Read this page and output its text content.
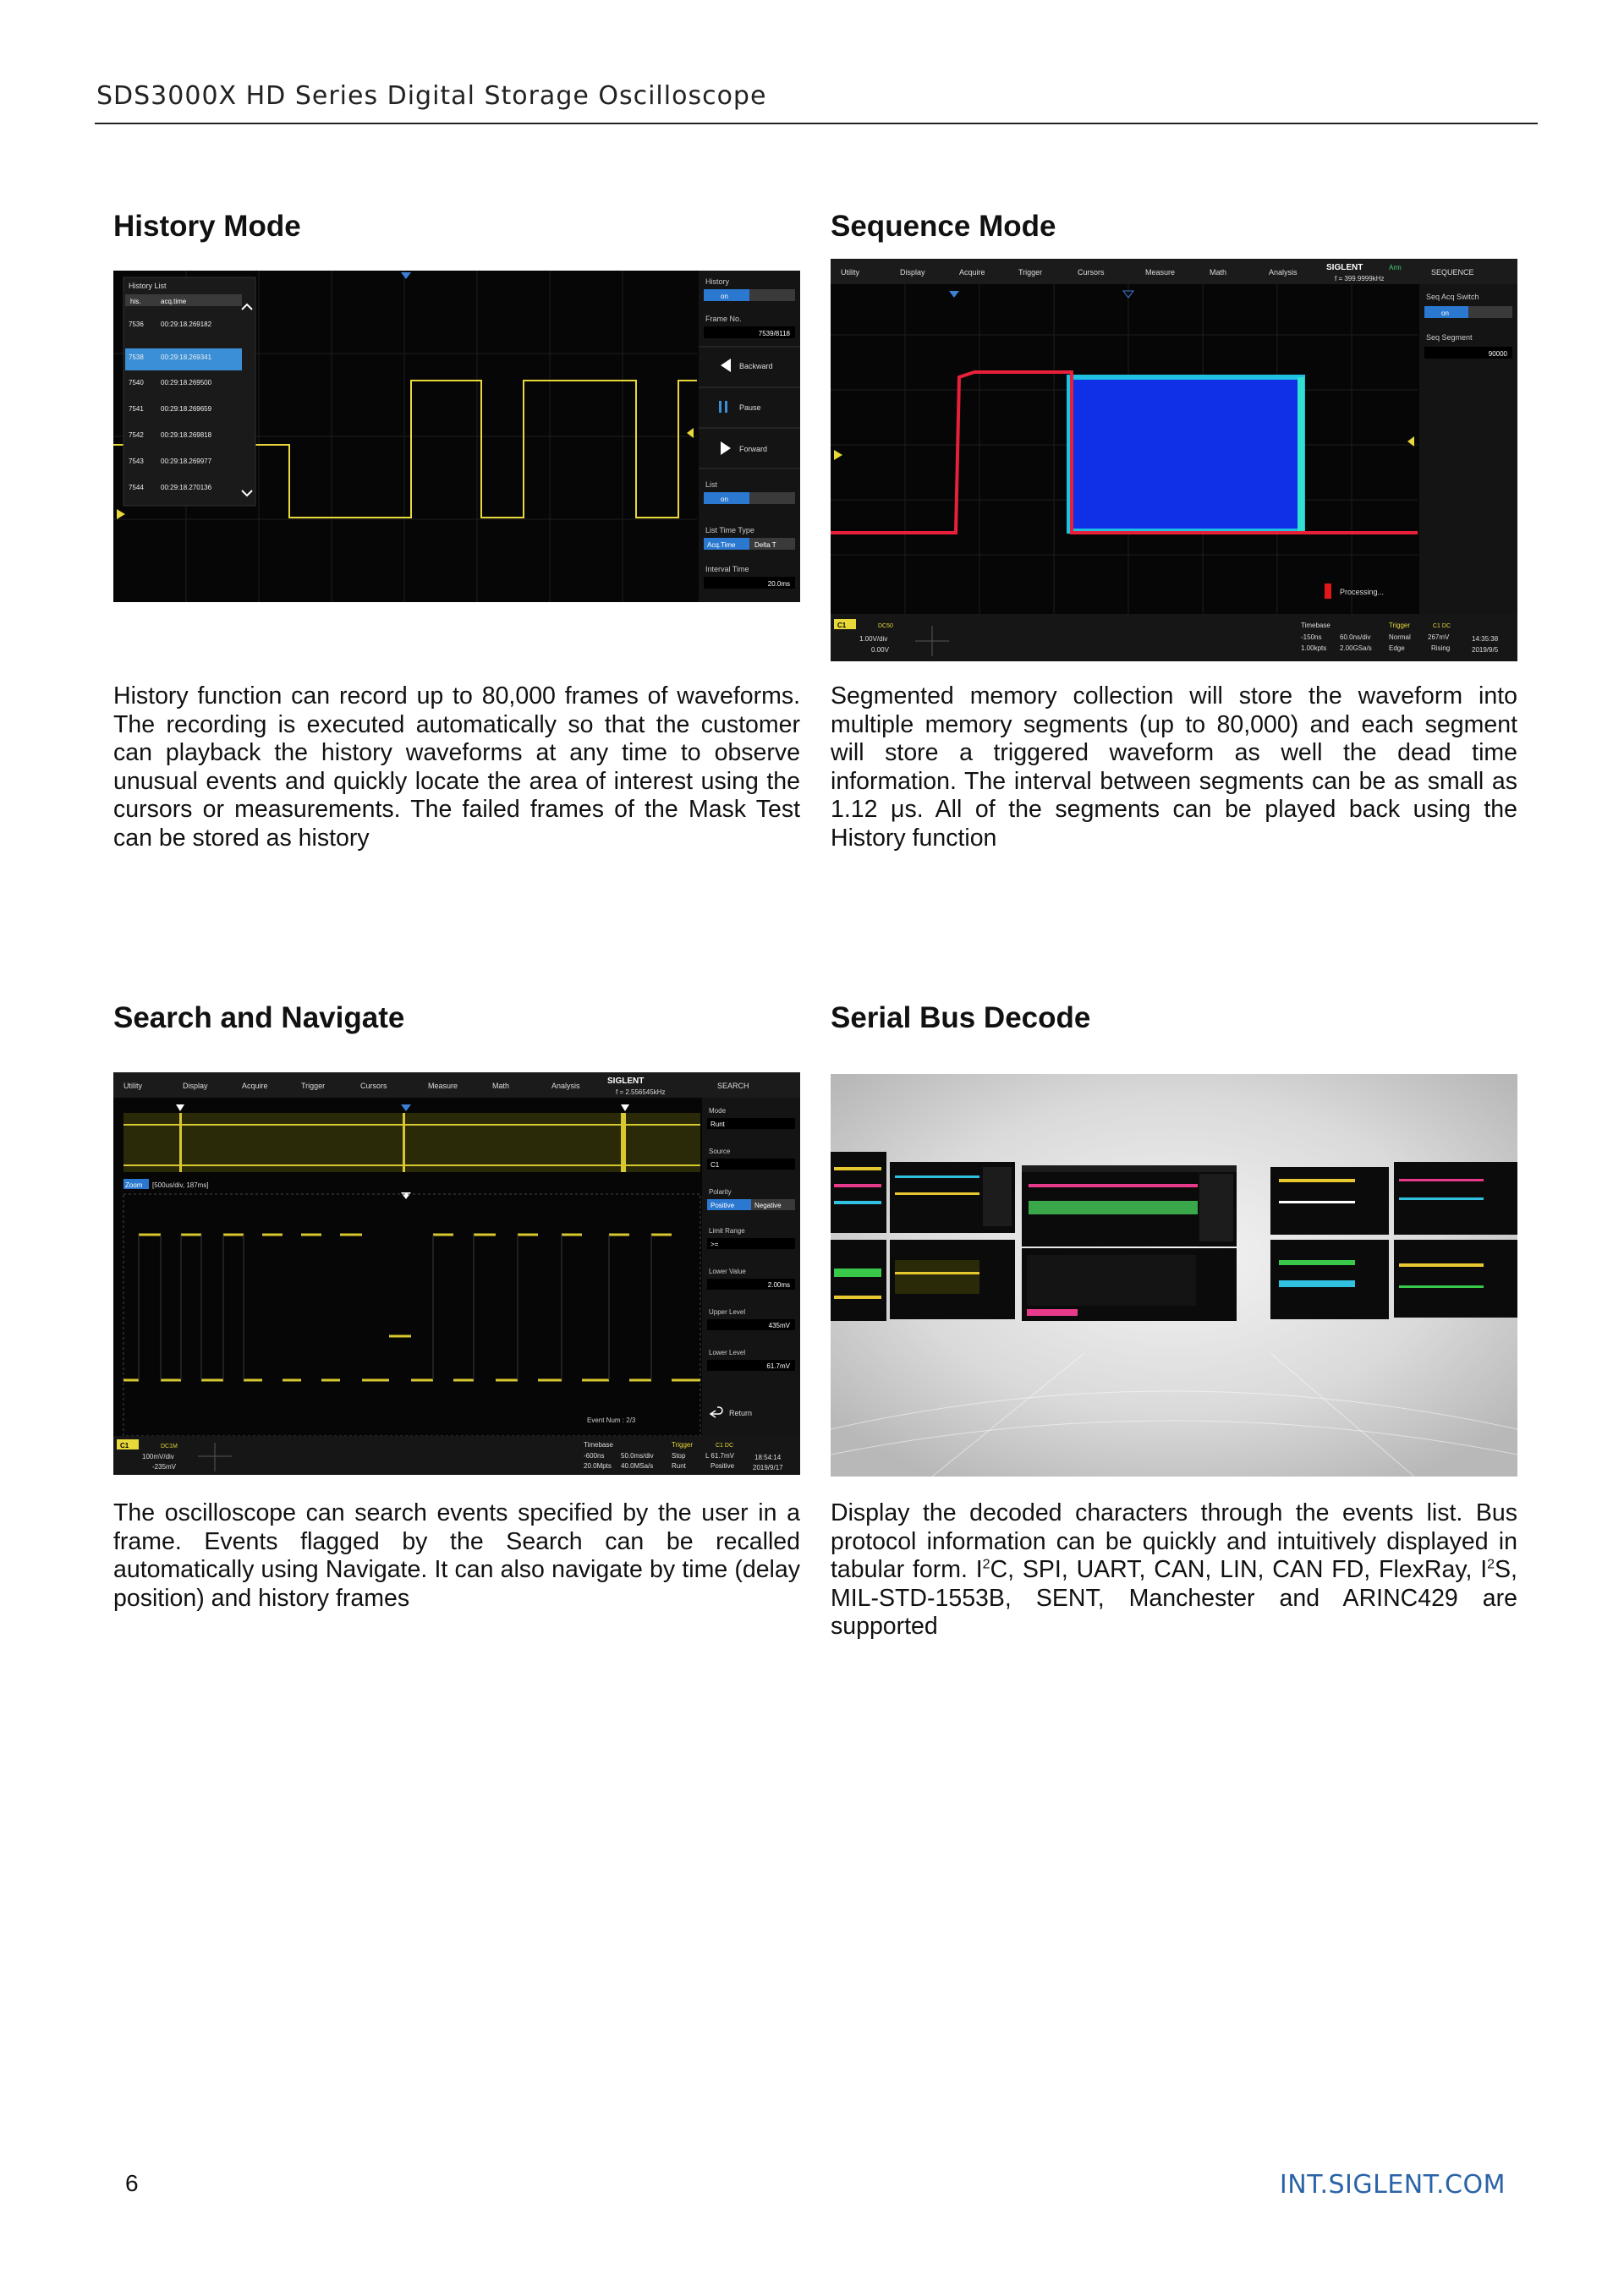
SDS3000X HD Series Digital Storage Oscilloscope
History Mode	Sequence Mode
Search and Navigate	Serial Bus Decode
History List
his.	acq.time
7536	00:29:18.269182
7538	00:29:18.269341
7540	00:29:18.269500
7541	00:29:18.269659
7542	00:29:18.269818
7543	00:29:18.269977
7544	00:29:18.270136
History
on
Frame No.
7539/8118
Backward
Pause
Forward
List
on
List Time Type
Acq.Time	Delta T
Interval Time
20.0ms
Utility	Display	Acquire	Trigger	Cursors	Measure	Math	Analysis	SIGLENT	Arm
f = 399.9999kHz
SEQUENCE
Processing...
Seq Acq Switch
on
Seq Segment
90000
C1	DC50
1.00V/div
0.00V
Timebase
-150ns	60.0ns/div
1.00kpts 2.00GSa/s
Trigger
Normal
Edge
C1 DC
267mV
Rising
14:35:38
2019/9/5
Utility	Display	Acquire	Trigger	Cursors	Measure	Math	Analysis	SIGLENT
f = 2.556545kHz
SEARCH
Zoom [500us/div, 187ms]
Event Num : 2/3
Mode
Runt
Source
C1
Polarity
Positive	Negative
Limit Range
>=
Lower Value
2.00ms
Upper Level
435mV
Lower Level
61.7mV
Return
C1	DC1M
100mV/div
-235mV
Timebase
-600ns 50.0ms/div
20.0Mpts 40.0MSa/s
Trigger
Stop
Runt
C1 DC
L 61.7mV
Positive
18:54:14
2019/9/17
History function can record up to 80,000 frames of waveforms. The recording is executed automatically so that the customer can playback the history waveforms at any time to observe unusual events and quickly locate the area of interest using the cursors or measurements. The failed frames of the Mask Test can be stored as history
Segmented memory collection will store the waveform into multiple memory segments (up to 80,000) and each segment will store a triggered waveform as well the dead time information. The interval between segments can be as small as 1.12 μs. All of the segments can be played back using the History function
The oscilloscope can search events specified by the user in a frame. Events flagged by the Search can be recalled automatically using Navigate. It can also navigate by time (delay position) and history frames
Display the decoded characters through the events list. Bus protocol information can be quickly and intuitively displayed in tabular form. $I^2C$, SPI, UART, CAN, LIN, CAN FD, FlexRay, $I^2S$, MIL-STD-1553B, SENT, Manchester and ARINC429 are supported
6	INT.SIGLENT.COM
